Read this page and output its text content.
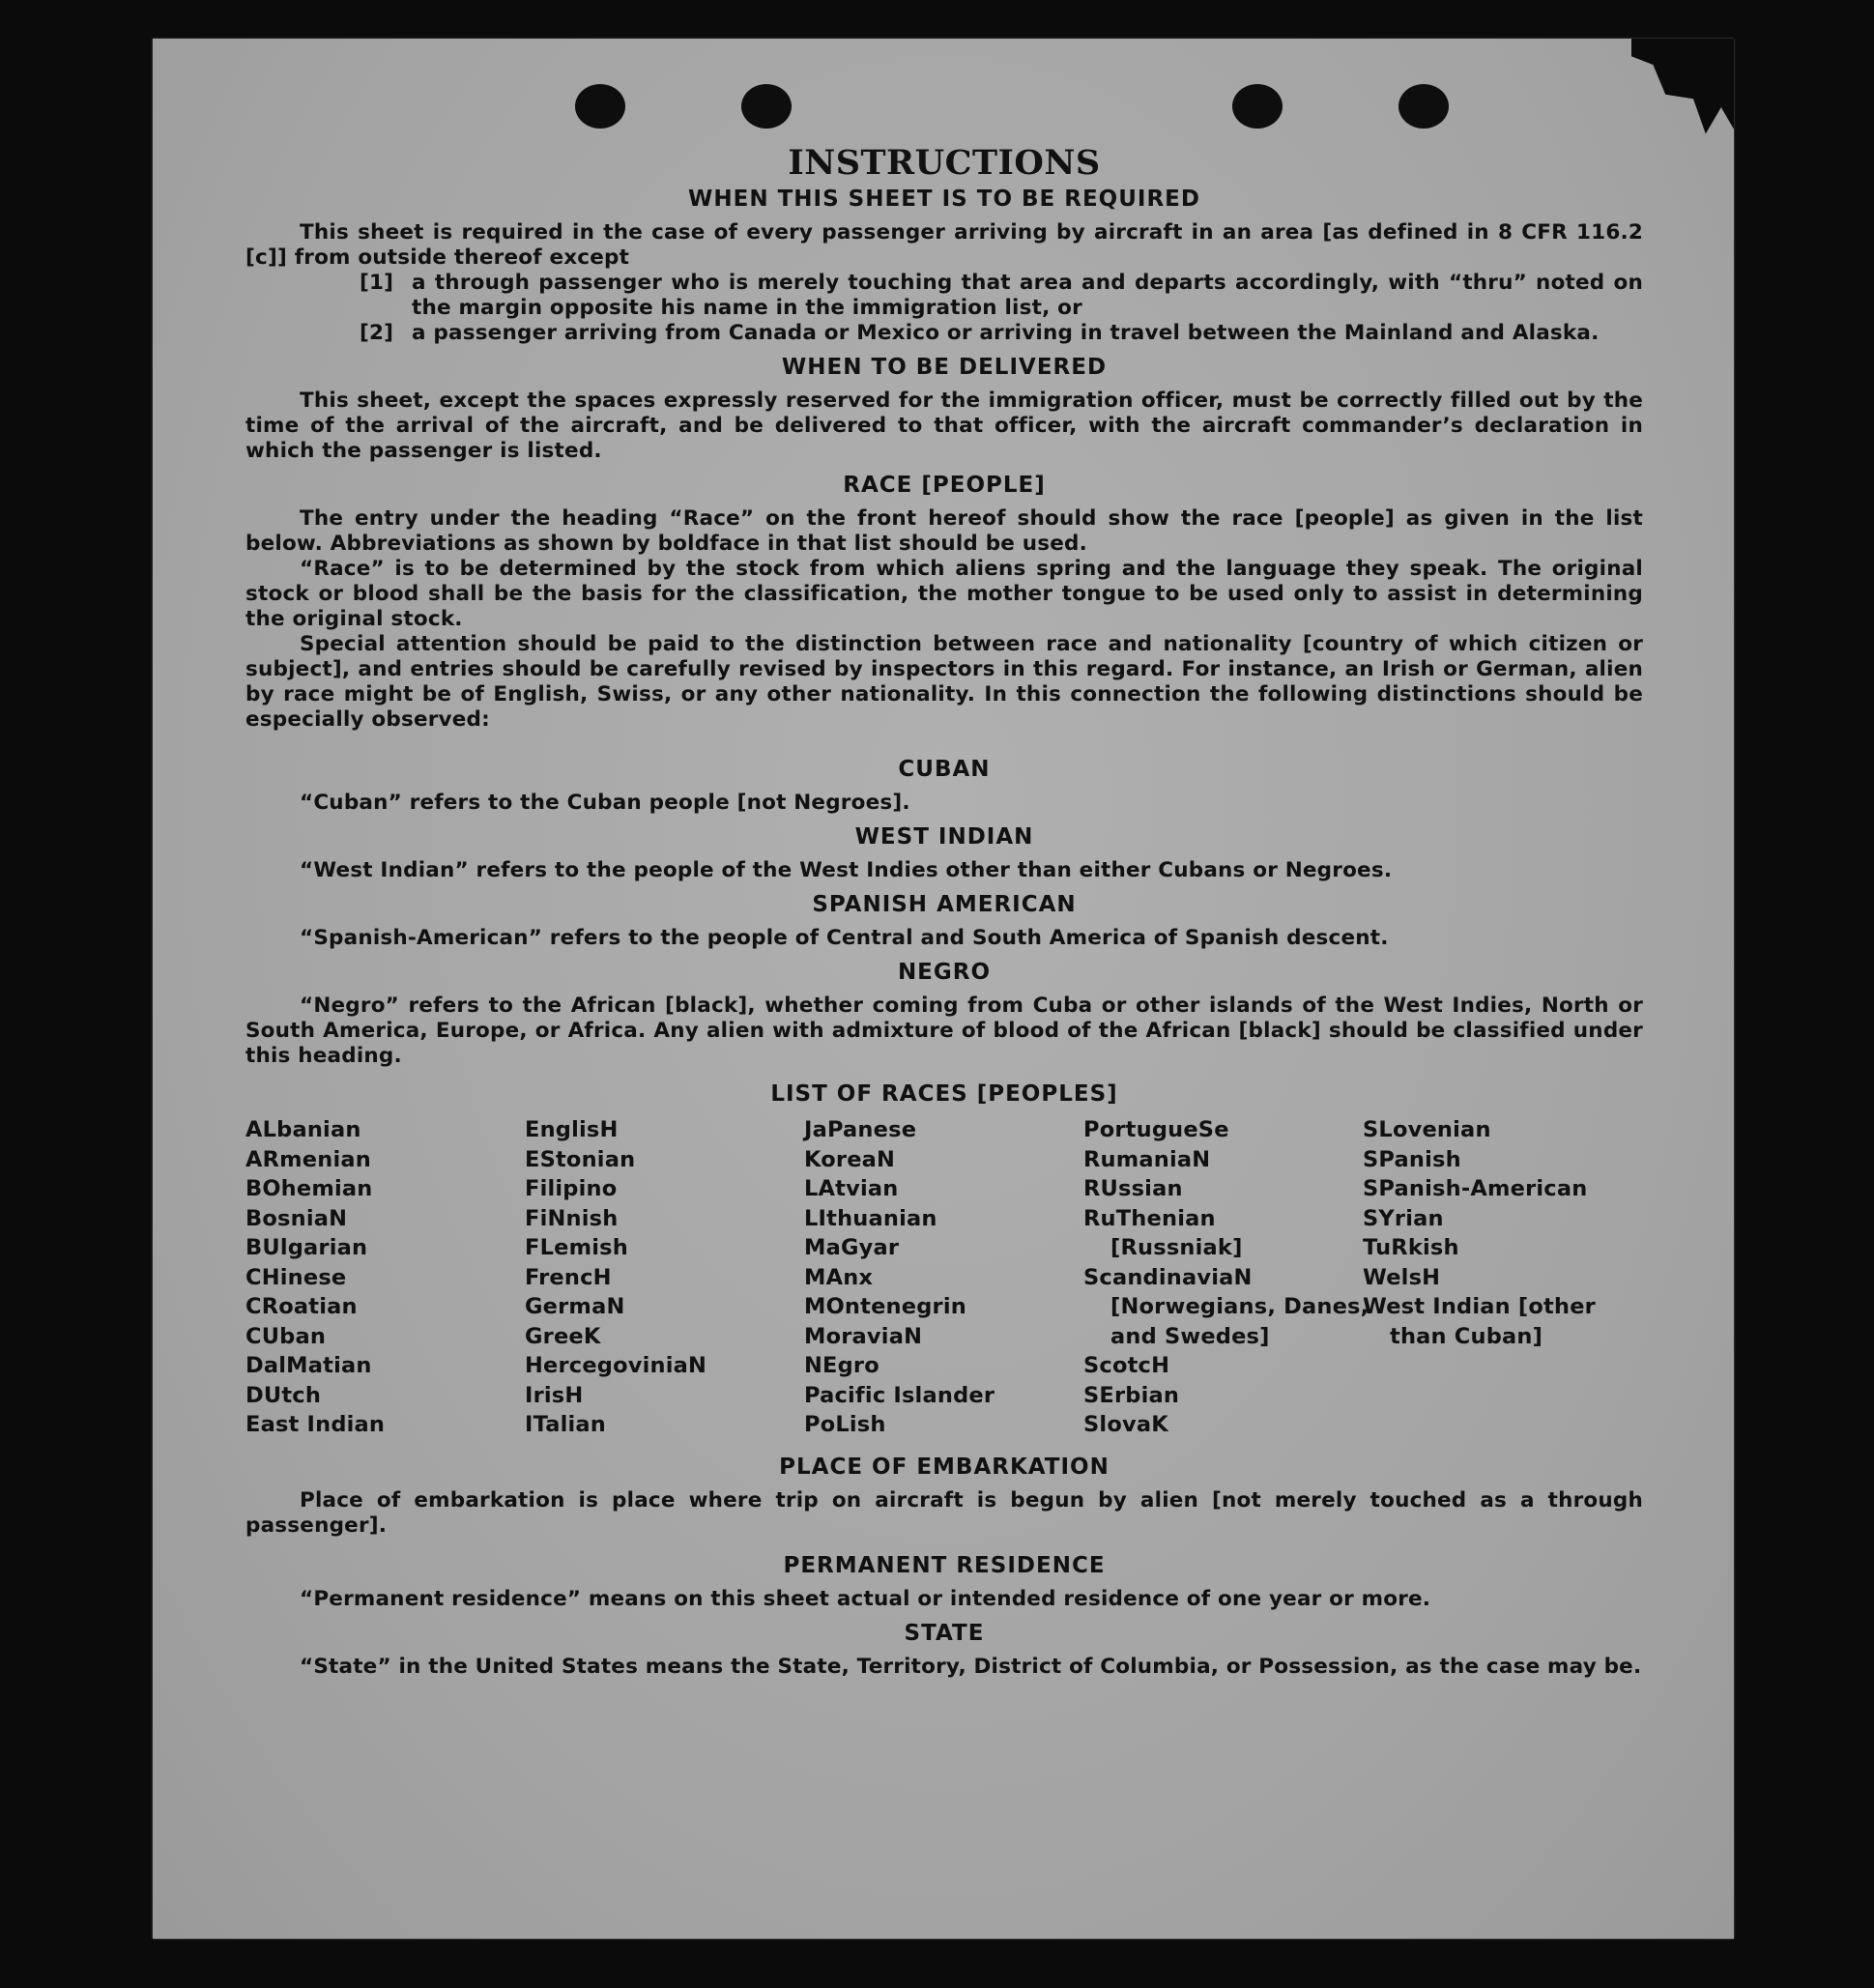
INSTRUCTIONS
WHEN THIS SHEET IS TO BE REQUIRED

This sheet is required in the case of every passenger arriving by aircraft in an area [as defined in 8 CFR 116.2 [c]] from outside thereof except

[1] a through passenger who is merely touching that area and departs accordingly, with “thru” noted on the margin opposite his name in the immigration list, or
[2] a passenger arriving from Canada or Mexico or arriving in travel between the Mainland and Alaska.
WHEN TO BE DELIVERED

This sheet, except the spaces expressly reserved for the immigration officer, must be correctly filled out by the time of the arrival of the aircraft, and be delivered to that officer, with the aircraft commander’s declaration in which the passenger is listed.

RACE [PEOPLE]

The entry under the heading “Race” on the front hereof should show the race [people] as given in the list below. Abbreviations as shown by boldface in that list should be used.

“Race” is to be determined by the stock from which aliens spring and the language they speak. The original stock or blood shall be the basis for the classification, the mother tongue to be used only to assist in determining the original stock.

Special attention should be paid to the distinction between race and nationality [country of which citizen or subject], and entries should be carefully revised by inspectors in this regard. For instance, an Irish or German, alien by race might be of English, Swiss, or any other nationality. In this connection the following distinctions should be especially observed:

CUBAN

“Cuban” refers to the Cuban people [not Negroes].

WEST INDIAN

“West Indian” refers to the people of the West Indies other than either Cubans or Negroes.

SPANISH AMERICAN

“Spanish-American” refers to the people of Central and South America of Spanish descent.

NEGRO

“Negro” refers to the African [black], whether coming from Cuba or other islands of the West Indies, North or South America, Europe, or Africa. Any alien with admixture of blood of the African [black] should be classified under this heading.

LIST OF RACES [PEOPLES]
ALbanian
ARmenian
BOhemian
BosniaN
BUlgarian
CHinese
CRoatian
CUban
DalMatian
DUtch
East Indian
EnglisH
EStonian
Filipino
FiNnish
FLemish
FrencH
GermaN
GreeK
HercegoviniaN
IrisH
ITalian
JaPanese
KoreaN
LAtvian
LIthuanian
MaGyar
MAnx
MOntenegrin
MoraviaN
NEgro
Pacific Islander
PoLish
PortugueSe
RumaniaN
RUssian
RuThenian [Russniak]
ScandinaviaN [Norwegians, Danes, and Swedes]
ScotcH
SErbian
SlovaK
SLovenian
SPanish
SPanish-American
SYrian
TuRkish
WelsH
West Indian [other than Cuban]
PLACE OF EMBARKATION

Place of embarkation is place where trip on aircraft is begun by alien [not merely touched as a through passenger].

PERMANENT RESIDENCE

“Permanent residence” means on this sheet actual or intended residence of one year or more.

STATE

“State” in the United States means the State, Territory, District of Columbia, or Possession, as the case may be.
